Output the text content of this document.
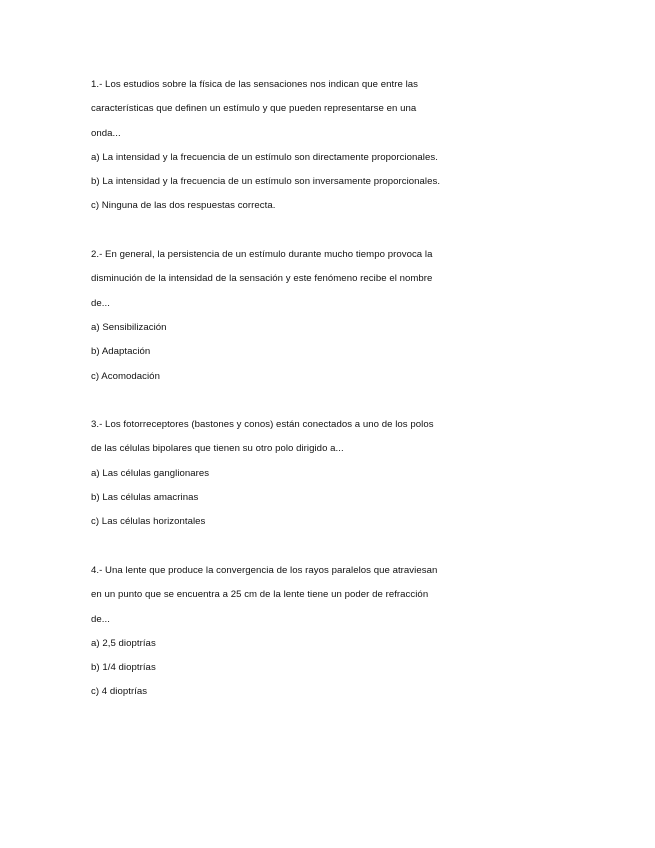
1.- Los estudios sobre la física de las sensaciones nos indican que entre las
características que definen un estímulo y que pueden representarse en una
onda...
a) La intensidad y la frecuencia de un estímulo son directamente proporcionales.
b) La intensidad y la frecuencia de un estímulo son inversamente proporcionales.
c) Ninguna de las dos respuestas correcta.
2.- En general, la persistencia de un estímulo durante mucho tiempo provoca la
disminución de la intensidad de la sensación y este fenómeno recibe el nombre
de...
a) Sensibilización
b) Adaptación
c) Acomodación
3.- Los fotorreceptores (bastones y conos) están conectados a uno de los polos
de las células bipolares que tienen su otro polo dirigido a...
a) Las células ganglionares
b) Las células amacrinas
c) Las células horizontales
4.- Una lente que produce la convergencia de los rayos paralelos que atraviesan
en un punto que se encuentra a 25 cm de la lente tiene un poder de refracción
de...
a) 2,5 dioptrías
b) 1/4 dioptrías
c) 4 dioptrías
